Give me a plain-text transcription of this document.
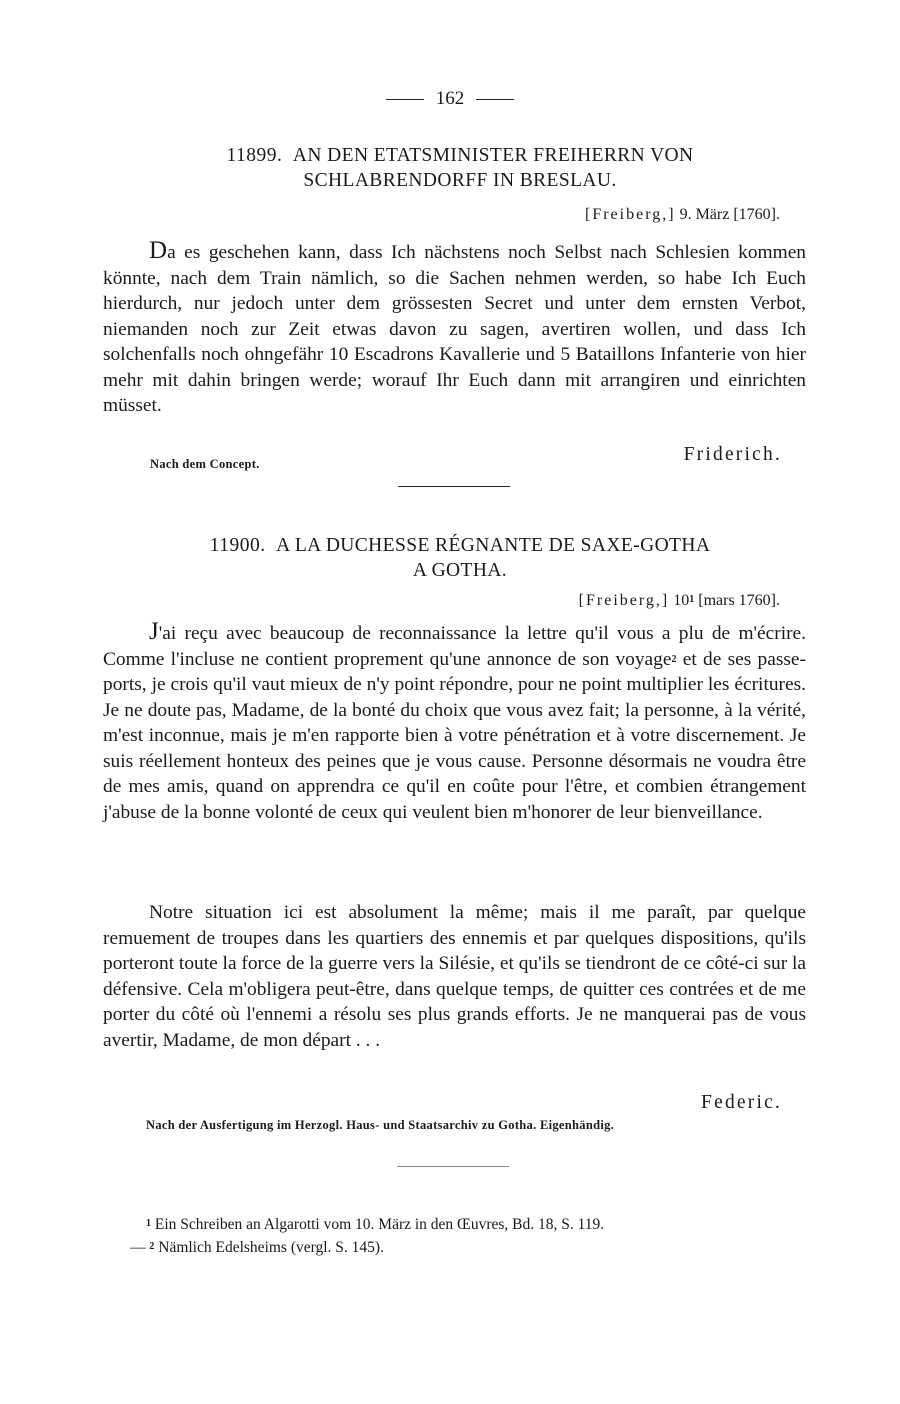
162
11899. AN DEN ETATSMINISTER FREIHERRN VON
SCHLABRENDORFF IN BRESLAU.
[Freiberg,] 9. März [1760].

Da es geschehen kann, dass Ich nächstens noch Selbst nach Schlesien kommen könnte, nach dem Train nämlich, so die Sachen nehmen werden, so habe Ich Euch hierdurch, nur jedoch unter dem grössesten Secret und unter dem ernsten Verbot, niemanden noch zur Zeit etwas davon zu sagen, avertiren wollen, und dass Ich solchenfalls noch ohngefähr 10 Escadrons Kavallerie und 5 Bataillons Infanterie von hier mehr mit dahin bringen werde; worauf Ihr Euch dann mit arrangiren und einrichten müsset.

Friderich.
Nach dem Concept.
11900. A LA DUCHESSE RÉGNANTE DE SAXE-GOTHA
A GOTHA.
[Freiberg,] 101 [mars 1760].

J'ai reçu avec beaucoup de reconnaissance la lettre qu'il vous a plu de m'écrire. Comme l'incluse ne contient proprement qu'une annonce de son voyage2 et de ses passe-ports, je crois qu'il vaut mieux de n'y point répondre, pour ne point multiplier les écritures. Je ne doute pas, Madame, de la bonté du choix que vous avez fait; la personne, à la vérité, m'est inconnue, mais je m'en rapporte bien à votre pénétration et à votre discernement. Je suis réellement honteux des peines que je vous cause. Personne désormais ne voudra être de mes amis, quand on apprendra ce qu'il en coûte pour l'être, et combien étrangement j'abuse de la bonne volonté de ceux qui veulent bien m'honorer de leur bienveillance.

Notre situation ici est absolument la même; mais il me paraît, par quelque remuement de troupes dans les quartiers des ennemis et par quelques dispositions, qu'ils porteront toute la force de la guerre vers la Silésie, et qu'ils se tiendront de ce côté-ci sur la défensive. Cela m'obligera peut-être, dans quelque temps, de quitter ces contrées et de me porter du côté où l'ennemi a résolu ses plus grands efforts. Je ne manquerai pas de vous avertir, Madame, de mon départ . . .

Federic.
Nach der Ausfertigung im Herzogl. Haus- und Staatsarchiv zu Gotha. Eigenhändig.
1 Ein Schreiben an Algarotti vom 10. März in den Œuvres, Bd. 18, S. 119.
— 2 Nämlich Edelsheims (vergl. S. 145).
